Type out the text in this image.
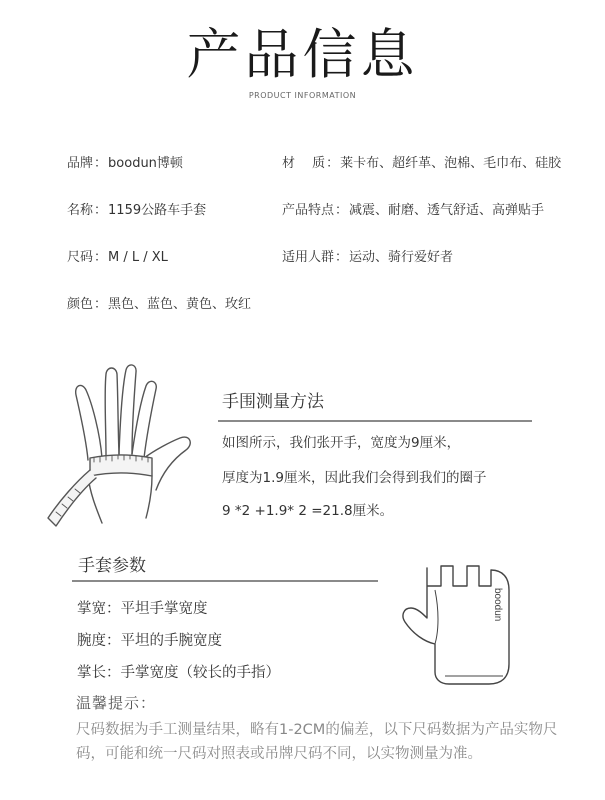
产品信息
PRODUCT INFORMATION
品牌：boodun博顿
名称：1159公路车手套
尺码：M / L / XL
颜色：黑色、蓝色、黄色、玫红
材　 质：莱卡布、超纤革、泡棉、毛巾布、硅胶
产品特点：减震、耐磨、透气舒适、高弹贴手
适用人群：运动、骑行爱好者
手围测量方法
如图所示，我们张开手，宽度为9厘米，
厚度为1.9厘米，因此我们会得到我们的圈子
9 *2 +1.9* 2 =21.8厘米。
手套参数
掌宽：平坦手掌宽度
腕度：平坦的手腕宽度
掌长：手掌宽度（较长的手指）
boodun
温馨提示：
尺码数据为手工测量结果，略有1-2CM的偏差，以下尺码数据为产品实物尺码，可能和统一尺码对照表或吊牌尺码不同，以实物测量为准。
